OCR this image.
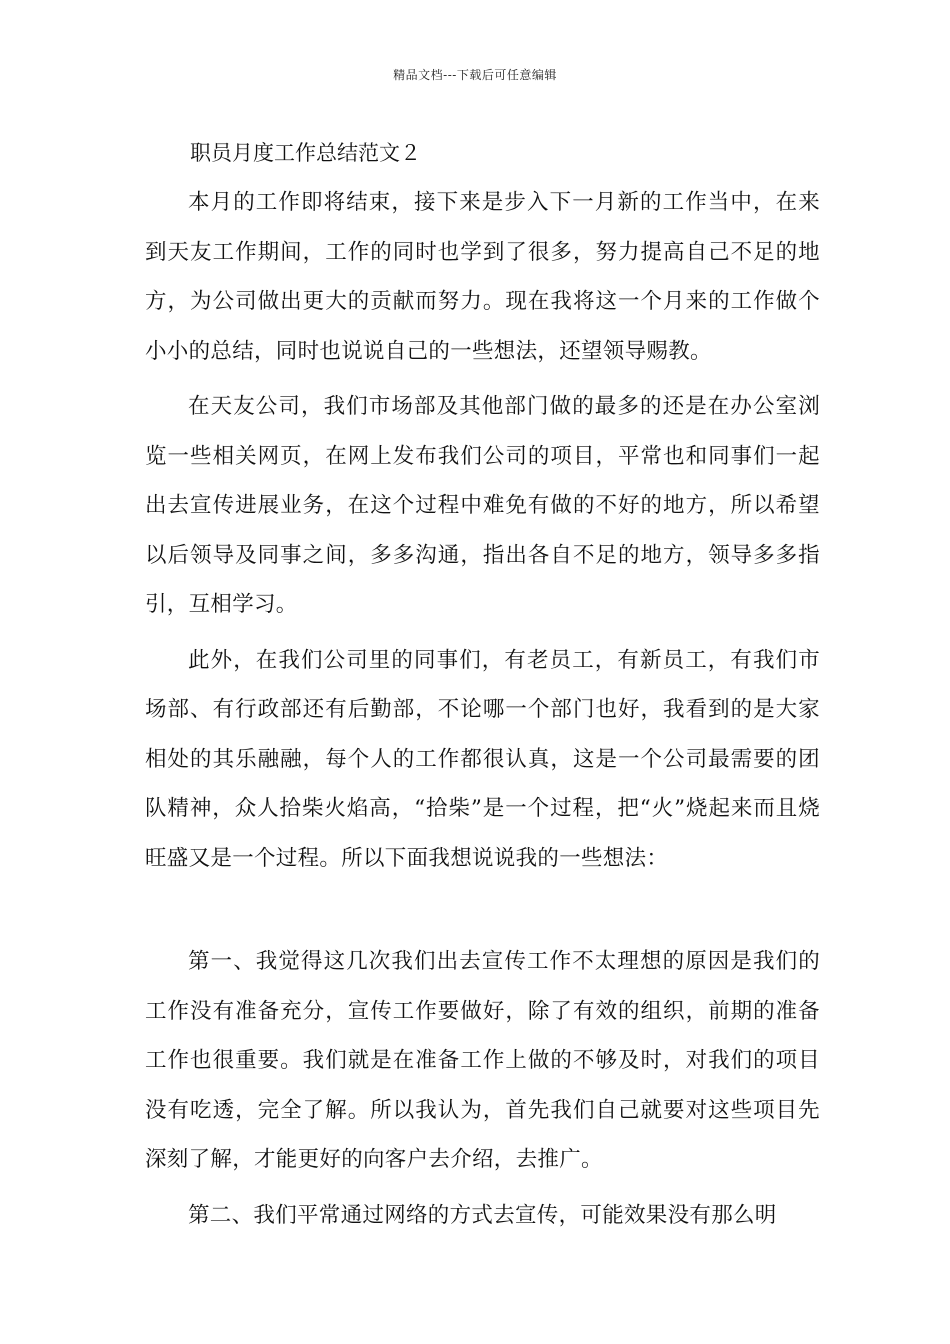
精品文档---下载后可任意编辑
职员月度工作总结范文２

本月的工作即将结束，接下来是步入下一月新的工作当中，在来到天友工作期间，工作的同时也学到了很多，努力提高自己不足的地方，为公司做出更大的贡献而努力。现在我将这一个月来的工作做个小小的总结，同时也说说自己的一些想法，还望领导赐教。

在天友公司，我们市场部及其他部门做的最多的还是在办公室浏览一些相关网页，在网上发布我们公司的项目，平常也和同事们一起出去宣传进展业务，在这个过程中难免有做的不好的地方，所以希望以后领导及同事之间，多多沟通，指出各自不足的地方，领导多多指引，互相学习。

此外，在我们公司里的同事们，有老员工，有新员工，有我们市场部、有行政部还有后勤部，不论哪一个部门也好，我看到的是大家相处的其乐融融，每个人的工作都很认真，这是一个公司最需要的团队精神，众人拾柴火焰高，“拾柴”是一个过程，把“火”烧起来而且烧旺盛又是一个过程。所以下面我想说说我的一些想法：

第一、我觉得这几次我们出去宣传工作不太理想的原因是我们的工作没有准备充分，宣传工作要做好，除了有效的组织，前期的准备工作也很重要。我们就是在准备工作上做的不够及时，对我们的项目没有吃透，完全了解。所以我认为，首先我们自己就要对这些项目先深刻了解，才能更好的向客户去介绍，去推广。

第二、我们平常通过网络的方式去宣传，可能效果没有那么明
